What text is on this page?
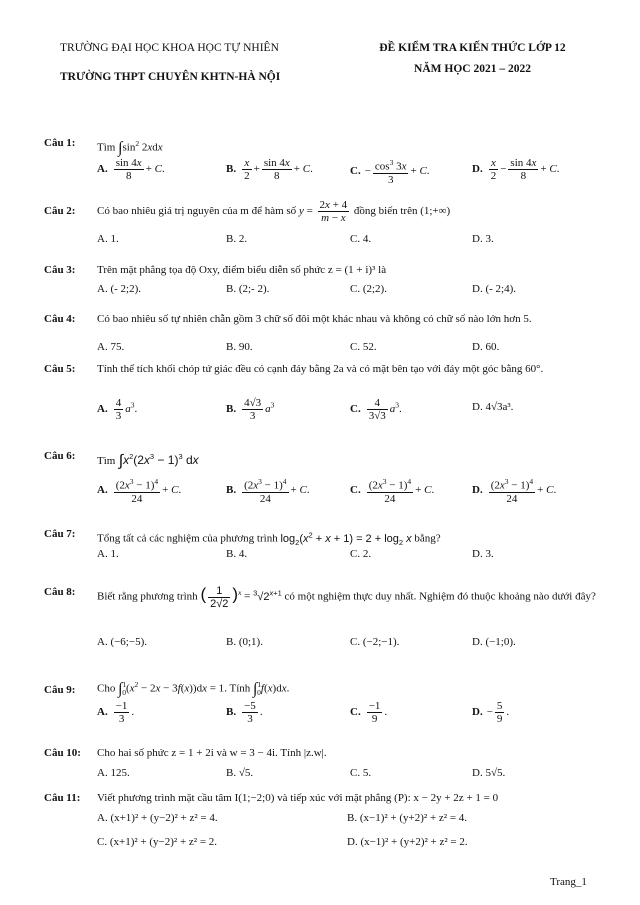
TRƯỜNG ĐẠI HỌC KHOA HỌC TỰ NHIÊN
TRƯỜNG THPT CHUYÊN KHTN-HÀ NỘI
ĐỀ KIỂM TRA KIẾN THỨC LỚP 12
NĂM HỌC 2021 – 2022
Câu 1: Tìm $\int\sin^2$ 2xdx
A. $\frac{\sin 4x}{8} + C$.	B. $\frac{x}{2} + \frac{\sin 4x}{8} + C$.	C. − $\frac{\cos^3 3x}{3} + C$.	D. $\frac{x}{2} - \frac{\sin 4x}{8} + C$.
Câu 2: Có bao nhiêu giá trị nguyên của m để hàm số $y = \frac{2x + 4}{m - x}$ đồng biến trên (1;+∞)
A. 1.	B. 2.	C. 4.	D. 3.
Câu 3: Trên mặt phẳng tọa độ Oxy, điểm biểu diễn số phức z = (1 + i)³ là
A. (- 2;2).	B. (2;- 2).	C. (2;2).	D. (- 2;4).
Câu 4: Có bao nhiêu số tự nhiên chẵn gồm 3 chữ số đôi một khác nhau và không có chữ số nào lớn hơn 5.
A. 75.	B. 90.	C. 52.	D. 60.
Câu 5: Tính thể tích khối chóp tứ giác đều có cạnh đáy bằng 2a và có mặt bên tạo với đáy một góc bằng 60°.
A. $\frac{4}{3} a^3$.	B. $\frac{4√3}{3} a^3$	C. $\frac{4}{3√3} a^3$.	D. 4√3a³.
Câu 6: Tìm $\int x^2(2x^3 - 1)^3$ dx
A. $\frac{(2x^3 - 1)^4}{24} + C$.	B. $\frac{(2x^3 - 1)^4}{24} + C$.	C. $\frac{(2x^3 - 1)^4}{24} + C$.	D. $\frac{(2x^3 - 1)^4}{24} + C$.
Câu 7: Tổng tất cả các nghiệm của phương trình $\log_2(x^2 + x + 1) = 2 + \log_2 x$ bằng?
A. 1.	B. 4.	C. 2.	D. 3.
Câu 8: Biết rằng phương trình ( $\frac{1}{2√2} )^x = ^3√2^{x+1}$ có một nghiệm thực duy nhất. Nghiệm đó thuộc khoảng nào dưới đây?
A. (−6;−5).	B. (0;1).	C. (−2;−1).	D. (−1;0).
Câu 9: Cho $\int^1_0(x^2 - 2x - 3f(x))dx = 1$. Tính ∫$^1_0$f(x)dx.
A. $\frac{-1}{3}$ .	B. $\frac{-5}{3}$ .	C. $\frac{-1}{9}$ .	D. − $\frac{5}{9}$ .
Câu 10: Cho hai số phức z = 1 + 2i và w = 3 − 4i. Tính |z.w|.
A. 125.	B. √5.	C. 5.	D. 5√5.
Câu 11: Viết phương trình mặt cầu tâm I(1;−2;0) và tiếp xúc với mặt phẳng (P): x − 2y + 2z + 1 = 0
A. (x+1)² + (y−2)² + z² = 4.	B. (x−1)² + (y+2)² + z² = 4.
C. (x+1)² + (y−2)² + z² = 2.	D. (x−1)² + (y+2)² + z² = 2.
Trang_1
